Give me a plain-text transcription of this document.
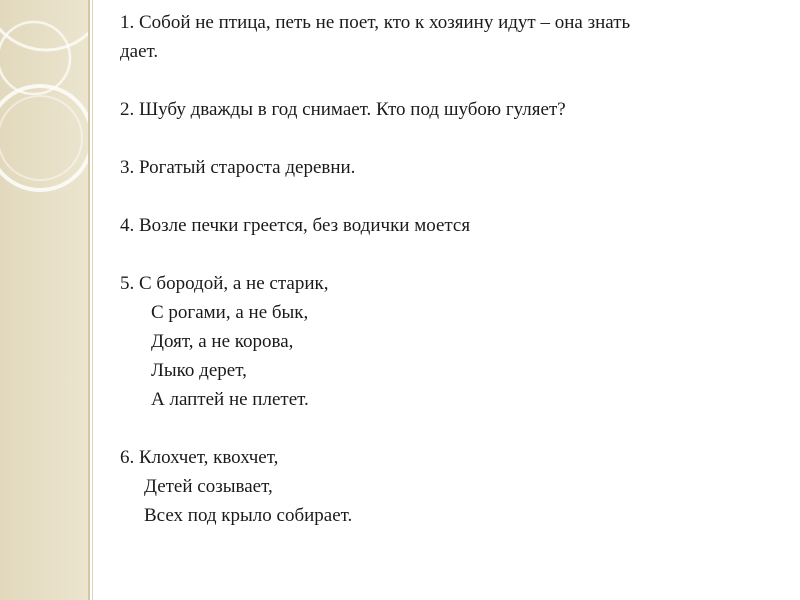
1. Собой не птица, петь не поет, кто к хозяину идут – она знать
дает.
2. Шубу дважды в год снимает. Кто под шубою гуляет?
3. Рогатый староста деревни.
4. Возле печки греется, без водички моется
5. С бородой, а не старик,
С рогами, а не бык,
Доят, а не корова,
Лыко дерет,
А лаптей не плетет.
6. Клохчет, квохчет,
Детей созывает,
Всех под крыло собирает.
